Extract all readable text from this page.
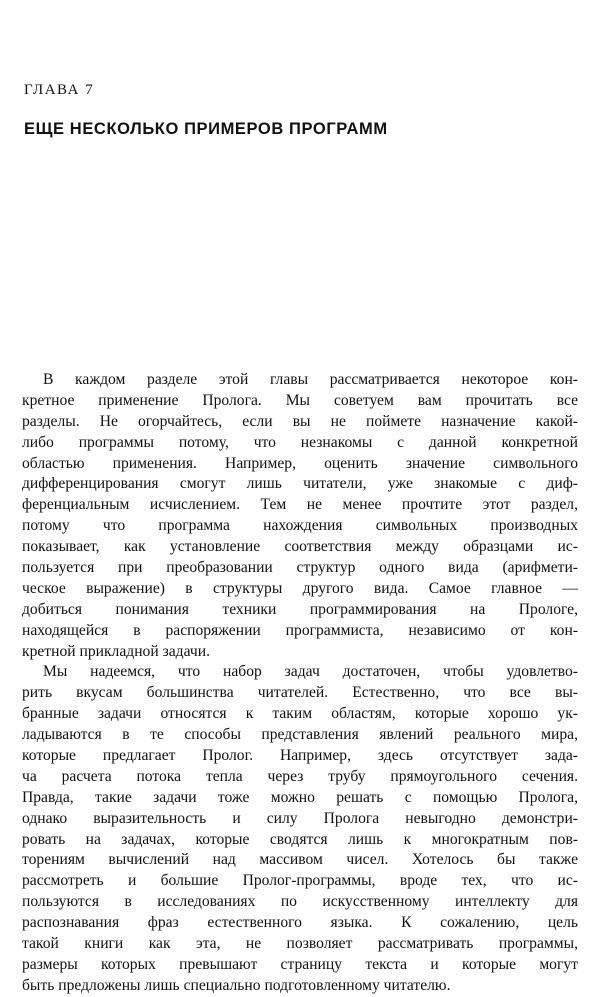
ГЛАВА 7
ЕЩЕ НЕСКОЛЬКО ПРИМЕРОВ ПРОГРАММ
В каждом разделе этой главы рассматривается некоторое кон-
кретное применение Пролога. Мы советуем вам прочитать все
разделы. Не огорчайтесь, если вы не поймете назначение какой-
либо программы потому, что незнакомы с данной конкретной
областью применения. Например, оценить значение символьного
дифференцирования смогут лишь читатели, уже знакомые с диф-
ференциальным исчислением. Тем не менее прочтите этот раздел,
потому что программа нахождения символьных производных
показывает, как установление соответствия между образцами ис-
пользуется при преобразовании структур одного вида (арифмети-
ческое выражение) в структуры другого вида. Самое главное —
добиться понимания техники программирования на Прологе,
находящейся в распоряжении программиста, независимо от кон-
кретной прикладной задачи.
Мы надеемся, что набор задач достаточен, чтобы удовлетво-
рить вкусам большинства читателей. Естественно, что все вы-
бранные задачи относятся к таким областям, которые хорошо ук-
ладываются в те способы представления явлений реального мира,
которые предлагает Пролог. Например, здесь отсутствует зада-
ча расчета потока тепла через трубу прямоугольного сечения.
Правда, такие задачи тоже можно решать с помощью Пролога,
однако выразительность и силу Пролога невыгодно демонстри-
ровать на задачах, которые сводятся лишь к многократным пов-
торениям вычислений над массивом чисел. Хотелось бы также
рассмотреть и большие Пролог-программы, вроде тех, что ис-
пользуются в исследованиях по искусственному интеллекту для
распознавания фраз естественного языка. К сожалению, цель
такой книги как эта, не позволяет рассматривать программы,
размеры которых превышают страницу текста и которые могут
быть предложены лишь специально подготовленному читателю.
